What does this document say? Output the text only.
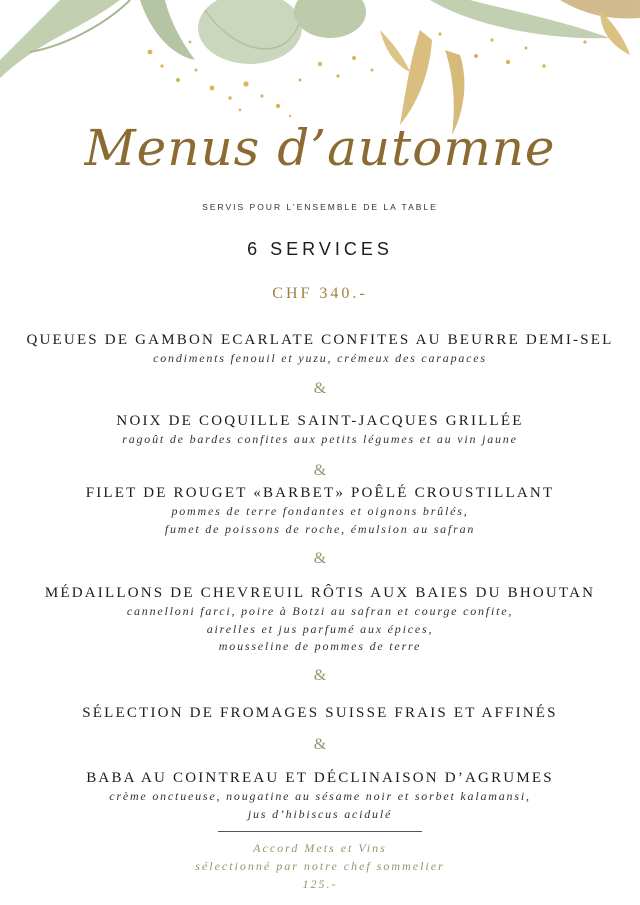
Menus d’automne
SERVIS POUR L’ENSEMBLE DE LA TABLE
6 SERVICES
CHF 340.-
QUEUES DE GAMBON ECARLATE CONFITES AU BEURRE DEMI-SEL
condiments fenouil et yuzu, crémeux des carapaces
&
NOIX DE COQUILLE SAINT-JACQUES GRILLÉE
ragoût de bardes confites aux petits légumes et au vin jaune
&
FILET DE ROUGET «BARBET» POÊLÉ CROUSTILLANT
pommes de terre fondantes et oignons brûlés,
fumet de poissons de roche, émulsion au safran
&
MÉDAILLONS DE CHEVREUIL RÔTIS AUX BAIES DU BHOUTAN
cannelloni farci, poire à Botzi au safran et courge confite,
airelles et jus parfumé aux épices,
mousseline de pommes de terre
&
SÉLECTION DE FROMAGES SUISSE FRAIS ET AFFINÉS
&
BABA AU COINTREAU ET DÉCLINAISON D’AGRUMES
crème onctueuse, nougatine au sésame noir et sorbet kalamansi,
jus d’hibiscus acidulé
Accord Mets et Vins
sélectionné par notre chef sommelier
125.-
